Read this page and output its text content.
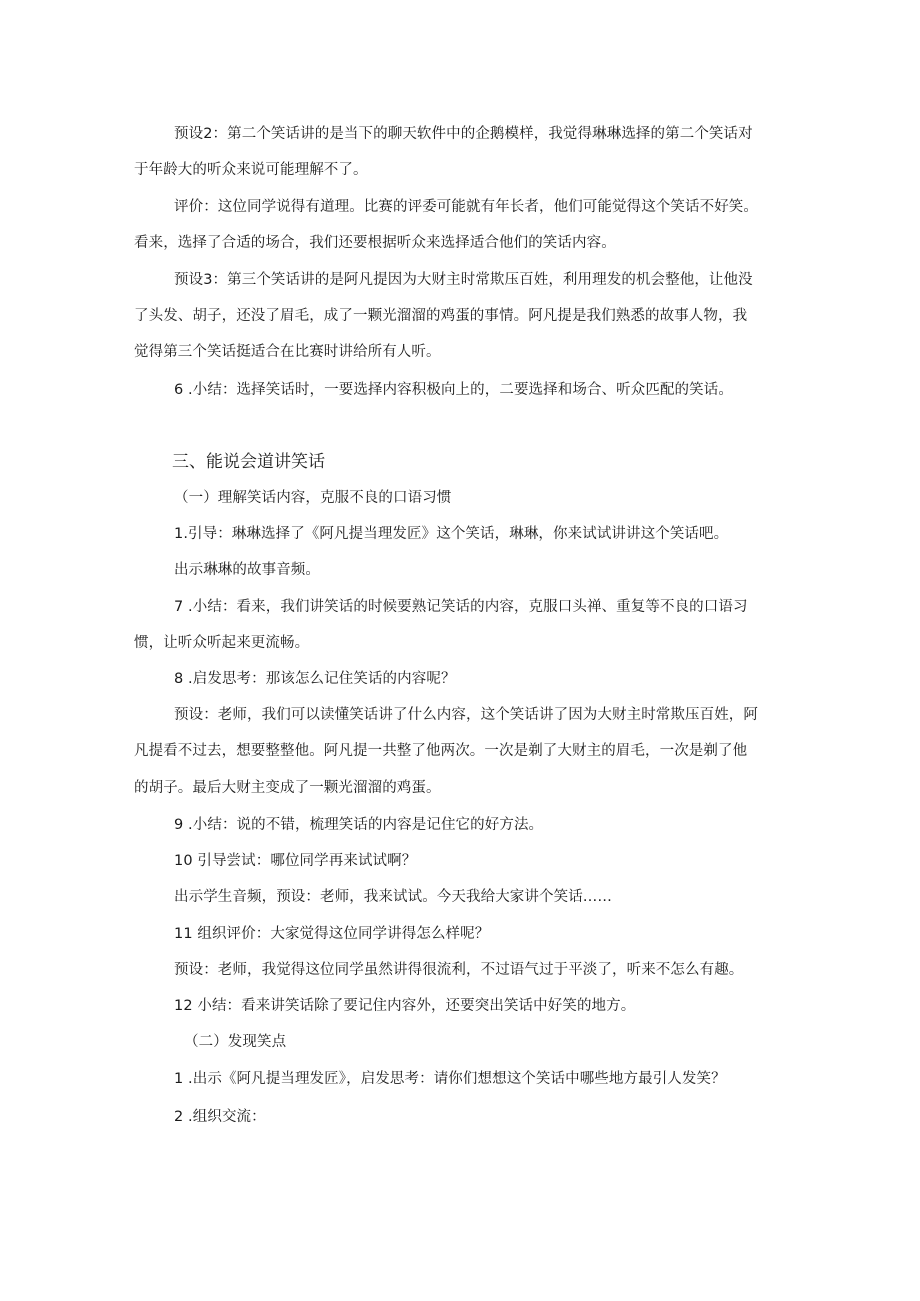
预设2：第二个笑话讲的是当下的聊天软件中的企鹅模样，我觉得琳琳选择的第二个笑话对
于年龄大的听众来说可能理解不了。
评价：这位同学说得有道理。比赛的评委可能就有年长者，他们可能觉得这个笑话不好笑。
看来，选择了合适的场合，我们还要根据听众来选择适合他们的笑话内容。
预设3：第三个笑话讲的是阿凡提因为大财主时常欺压百姓，利用理发的机会整他，让他没
了头发、胡子，还没了眉毛，成了一颗光溜溜的鸡蛋的事情。阿凡提是我们熟悉的故事人物，我
觉得第三个笑话挺适合在比赛时讲给所有人听。
6 .小结：选择笑话时，一要选择内容积极向上的，二要选择和场合、听众匹配的笑话。
三、能说会道讲笑话
（一）理解笑话内容，克服不良的口语习惯
1.引导：琳琳选择了《阿凡提当理发匠》这个笑话，琳琳，你来试试讲讲这个笑话吧。
出示琳琳的故事音频。
7 .小结：看来，我们讲笑话的时候要熟记笑话的内容，克服口头禅、重复等不良的口语习
惯，让听众听起来更流畅。
8 .启发思考：那该怎么记住笑话的内容呢？
预设：老师，我们可以读懂笑话讲了什么内容，这个笑话讲了因为大财主时常欺压百姓，阿
凡提看不过去，想要整整他。阿凡提一共整了他两次。一次是剃了大财主的眉毛，一次是剃了他
的胡子。最后大财主变成了一颗光溜溜的鸡蛋。
9 .小结：说的不错，梳理笑话的内容是记住它的好方法。
10 引导尝试：哪位同学再来试试啊？
出示学生音频，预设：老师，我来试试。今天我给大家讲个笑话……
11 组织评价：大家觉得这位同学讲得怎么样呢？
预设：老师，我觉得这位同学虽然讲得很流利，不过语气过于平淡了，听来不怎么有趣。
12 小结：看来讲笑话除了要记住内容外，还要突出笑话中好笑的地方。
（二）发现笑点
1 .出示《阿凡提当理发匠》，启发思考：请你们想想这个笑话中哪些地方最引人发笑？
2 .组织交流：
